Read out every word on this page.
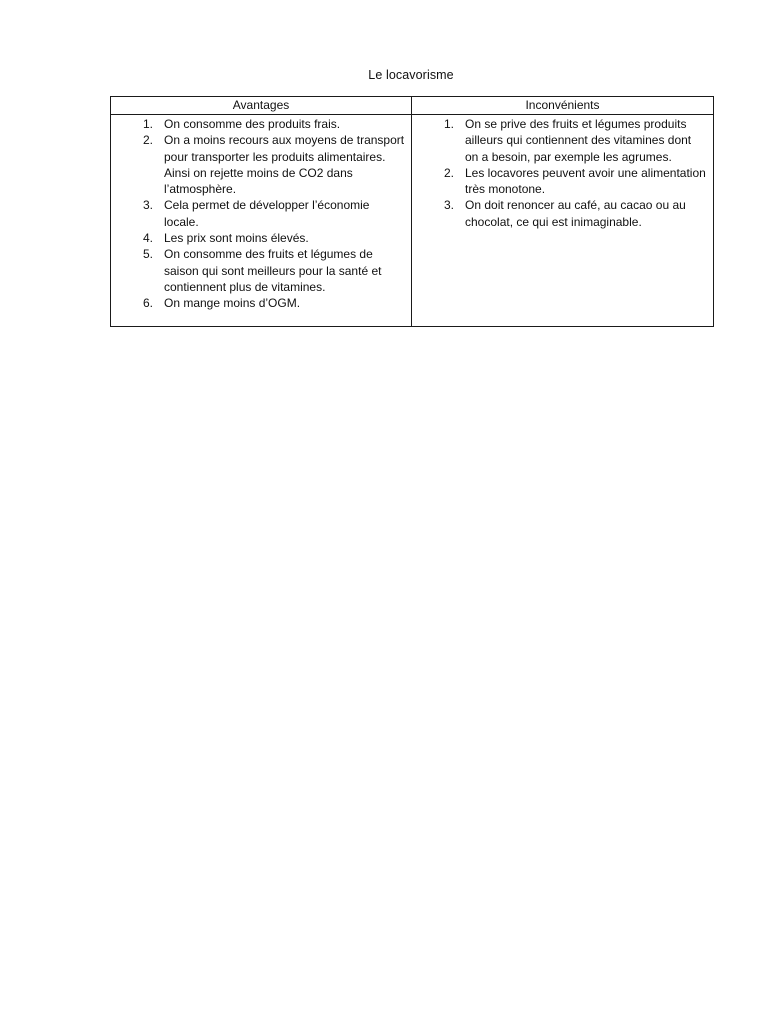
Le locavorisme
Avantages
1. On consomme des produits frais.
2. On a moins recours aux moyens de transport pour transporter les produits alimentaires. Ainsi on rejette moins de CO2 dans l’atmosphère.
3. Cela permet de développer l’économie locale.
4. Les prix sont moins élevés.
5. On consomme des fruits et légumes de saison qui sont meilleurs pour la santé et contiennent plus de vitamines.
6. On mange moins d’OGM.
Inconvénients
1. On se prive des fruits et légumes produits ailleurs qui contiennent des vitamines dont on a besoin, par exemple les agrumes.
2. Les locavores peuvent avoir une alimentation très monotone.
3. On doit renoncer au café, au cacao ou au chocolat, ce qui est inimaginable.
